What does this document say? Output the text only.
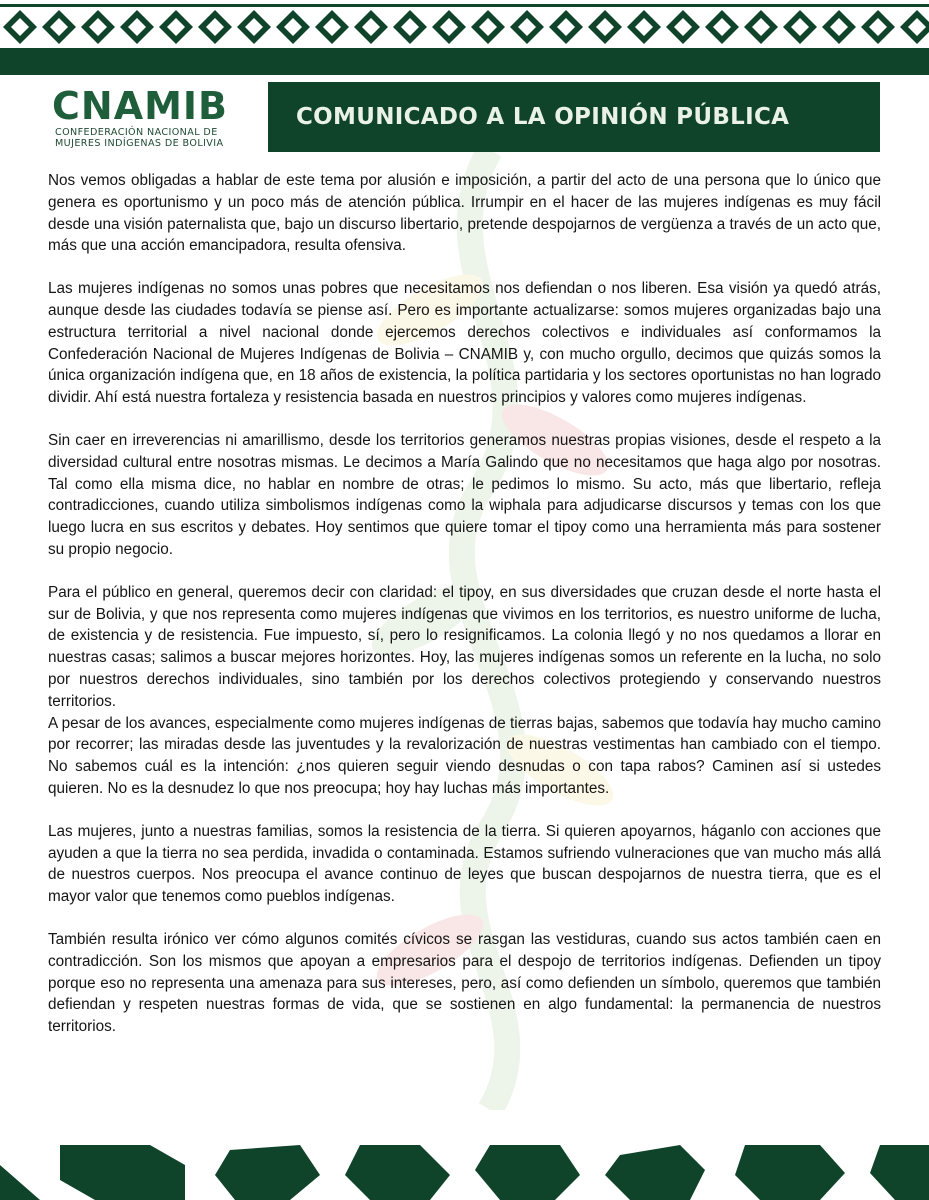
CNAMIB

CONFEDERACIÓN NACIONAL DE
MUJERES INDÍGENAS DE BOLIVIA

COMUNICADO A LA OPINIÓN PÚBLICA

Nos vemos obligadas a hablar de este tema por alusión e imposición, a partir del acto de una persona que lo único que genera es oportunismo y un poco más de atención pública. Irrumpir en el hacer de las mujeres indígenas es muy fácil desde una visión paternalista que, bajo un discurso libertario, pretende despojarnos de vergüenza a través de un acto que, más que una acción emancipadora, resulta ofensiva.

Las mujeres indígenas no somos unas pobres que necesitamos nos defiendan o nos liberen. Esa visión ya quedó atrás, aunque desde las ciudades todavía se piense así. Pero es importante actualizarse: somos mujeres organizadas bajo una estructura territorial a nivel nacional donde ejercemos derechos colectivos e individuales así conformamos la Confederación Nacional de Mujeres Indígenas de Bolivia – CNAMIB y, con mucho orgullo, decimos que quizás somos la única organización indígena que, en 18 años de existencia, la política partidaria y los sectores oportunistas no han logrado dividir. Ahí está nuestra fortaleza y resistencia basada en nuestros principios y valores como mujeres indígenas.

Sin caer en irreverencias ni amarillismo, desde los territorios generamos nuestras propias visiones, desde el respeto a la diversidad cultural entre nosotras mismas. Le decimos a María Galindo que no necesitamos que haga algo por nosotras. Tal como ella misma dice, no hablar en nombre de otras; le pedimos lo mismo. Su acto, más que libertario, refleja contradicciones, cuando utiliza simbolismos indígenas como la wiphala para adjudicarse discursos y temas con los que luego lucra en sus escritos y debates. Hoy sentimos que quiere tomar el tipoy como una herramienta más para sostener su propio negocio.

Para el público en general, queremos decir con claridad: el tipoy, en sus diversidades que cruzan desde el norte hasta el sur de Bolivia, y que nos representa como mujeres indígenas que vivimos en los territorios, es nuestro uniforme de lucha, de existencia y de resistencia. Fue impuesto, sí, pero lo resignificamos. La colonia llegó y no nos quedamos a llorar en nuestras casas; salimos a buscar mejores horizontes. Hoy, las mujeres indígenas somos un referente en la lucha, no solo por nuestros derechos individuales, sino también por los derechos colectivos protegiendo y conservando nuestros territorios.

A pesar de los avances, especialmente como mujeres indígenas de tierras bajas, sabemos que todavía hay mucho camino por recorrer; las miradas desde las juventudes y la revalorización de nuestras vestimentas han cambiado con el tiempo. No sabemos cuál es la intención: ¿nos quieren seguir viendo desnudas o con tapa rabos? Caminen así si ustedes quieren. No es la desnudez lo que nos preocupa; hoy hay luchas más importantes.

Las mujeres, junto a nuestras familias, somos la resistencia de la tierra. Si quieren apoyarnos, háganlo con acciones que ayuden a que la tierra no sea perdida, invadida o contaminada. Estamos sufriendo vulneraciones que van mucho más allá de nuestros cuerpos. Nos preocupa el avance continuo de leyes que buscan despojarnos de nuestra tierra, que es el mayor valor que tenemos como pueblos indígenas.

También resulta irónico ver cómo algunos comités cívicos se rasgan las vestiduras, cuando sus actos también caen en contradicción. Son los mismos que apoyan a empresarios para el despojo de territorios indígenas. Defienden un tipoy porque eso no representa una amenaza para sus intereses, pero, así como defienden un símbolo, queremos que también defiendan y respeten nuestras formas de vida, que se sostienen en algo fundamental: la permanencia de nuestros territorios.
